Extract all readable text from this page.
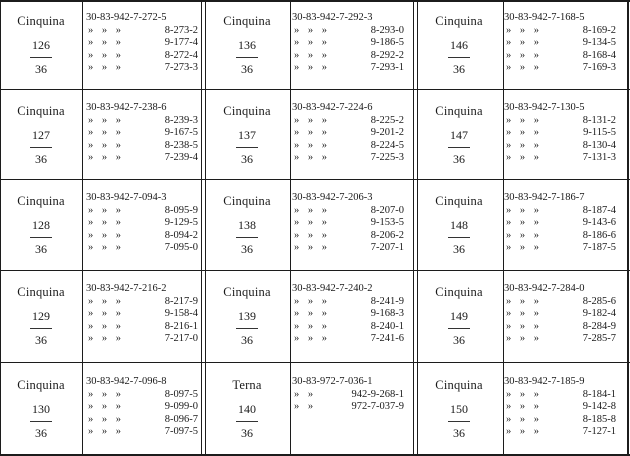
Cinquina
126
36
30-83-942-7-272-5
» » »	8-273-2
» » »	9-177-4
» » »	8-272-4
» » »	7-273-3
Cinquina
127
36
30-83-942-7-238-6
» » »	8-239-3
» » »	9-167-5
» » »	8-238-5
» » »	7-239-4
Cinquina
128
36
30-83-942-7-094-3
» » »	8-095-9
» » »	9-129-5
» » »	8-094-2
» » »	7-095-0
Cinquina
129
36
30-83-942-7-216-2
» » »	8-217-9
» » »	9-158-4
» » »	8-216-1
» » »	7-217-0
Cinquina
130
36
30-83-942-7-096-8
» » »	8-097-5
» » »	9-099-0
» » »	8-096-7
» » »	7-097-5
Cinquina
136
36
30-83-942-7-292-3
» » »	8-293-0
» » »	9-186-5
» » »	8-292-2
» » »	7-293-1
Cinquina
137
36
30-83-942-7-224-6
» » »	8-225-2
» » »	9-201-2
» » »	8-224-5
» » »	7-225-3
Cinquina
138
36
30-83-942-7-206-3
» » »	8-207-0
» » »	9-153-5
» » »	8-206-2
» » »	7-207-1
Cinquina
139
36
30-83-942-7-240-2
» » »	8-241-9
» » »	9-168-3
» » »	8-240-1
» » »	7-241-6
Terna
140
36
30-83-972-7-036-1
» »	942-9-268-1
» »	972-7-037-9
Cinquina
146
36
30-83-942-7-168-5
» » »	8-169-2
» » »	9-134-5
» » »	8-168-4
» » »	7-169-3
Cinquina
147
36
30-83-942-7-130-5
» » »	8-131-2
» » »	9-115-5
» » »	8-130-4
» » »	7-131-3
Cinquina
148
36
30-83-942-7-186-7
» » »	8-187-4
» » »	9-143-6
» » »	8-186-6
» » »	7-187-5
Cinquina
149
36
30-83-942-7-284-0
» » »	8-285-6
» » »	9-182-4
» » »	8-284-9
» » »	7-285-7
Cinquina
150
36
30-83-942-7-185-9
» » »	8-184-1
» » »	9-142-8
» » »	8-185-8
» » »	7-127-1
